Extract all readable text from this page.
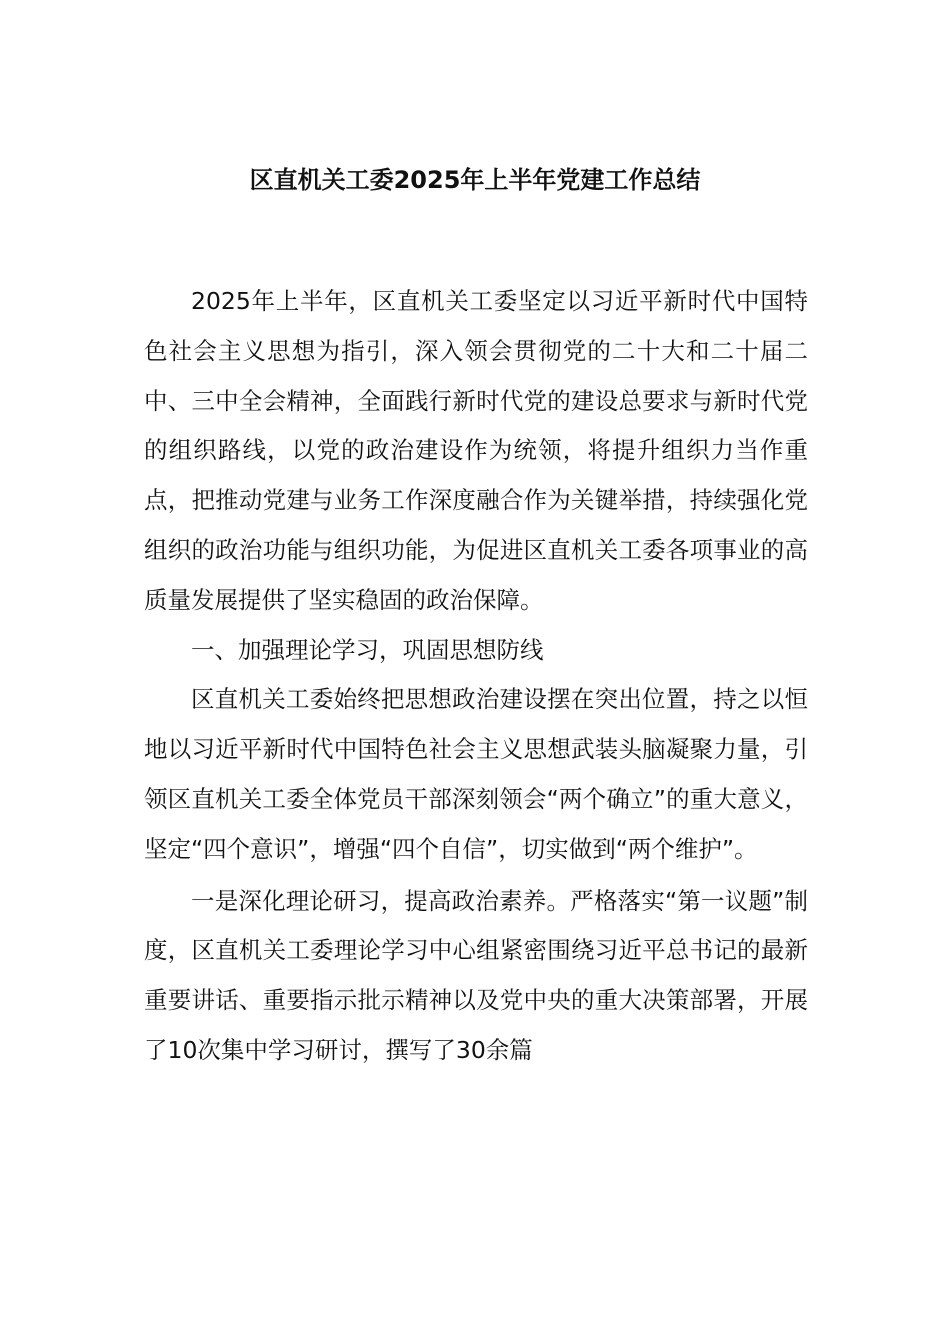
区直机关工委2025年上半年党建工作总结

2025年上半年，区直机关工委坚定以习近平新时代中国特色社会主义思想为指引，深入领会贯彻党的二十大和二十届二中、三中全会精神，全面践行新时代党的建设总要求与新时代党的组织路线，以党的政治建设作为统领，将提升组织力当作重点，把推动党建与业务工作深度融合作为关键举措，持续强化党组织的政治功能与组织功能，为促进区直机关工委各项事业的高质量发展提供了坚实稳固的政治保障。

一、加强理论学习，巩固思想防线

区直机关工委始终把思想政治建设摆在突出位置，持之以恒地以习近平新时代中国特色社会主义思想武装头脑凝聚力量，引领区直机关工委全体党员干部深刻领会“两个确立”的重大意义，坚定“四个意识”，增强“四个自信”，切实做到“两个维护”。

一是深化理论研习，提高政治素养。严格落实“第一议题”制度，区直机关工委理论学习中心组紧密围绕习近平总书记的最新重要讲话、重要指示批示精神以及党中央的重大决策部署，开展了10次集中学习研讨，撰写了30余篇
